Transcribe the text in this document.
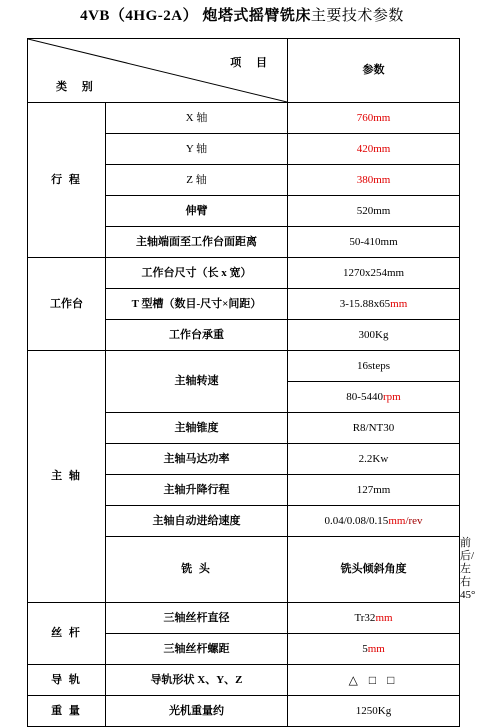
4VB（4HG-2A） 炮塔式摇臂铣床主要技术参数
项 目
类 别		参数	
行 程	X 轴	760mm	
	Y 轴	420mm	
	Z 轴	380mm	
	伸臂	520mm	
	主轴端面至工作台面距离	50-410mm	
工作台	工作台尺寸（长 x 宽）	1270x254mm	
	T 型槽（数目-尺寸×间距）	3-15.88x65mm	
	工作台承重	300Kg	
主 轴	主轴转速	16steps	
		80-5440rpm	
	主轴锥度	R8/NT30	
	主轴马达功率	2.2Kw	
	主轴升降行程	127mm	
	主轴自动进给速度	0.04/0.08/0.15mm/rev	
	铣 头	铣头倾斜角度	前后/左右 45°
丝 杆	三轴丝杆直径	Tr32mm	
	三轴丝杆螺距	5mm	
导 轨	导轨形状 X、Y、Z	△ □ □	
重 量	光机重量约	1250Kg	
